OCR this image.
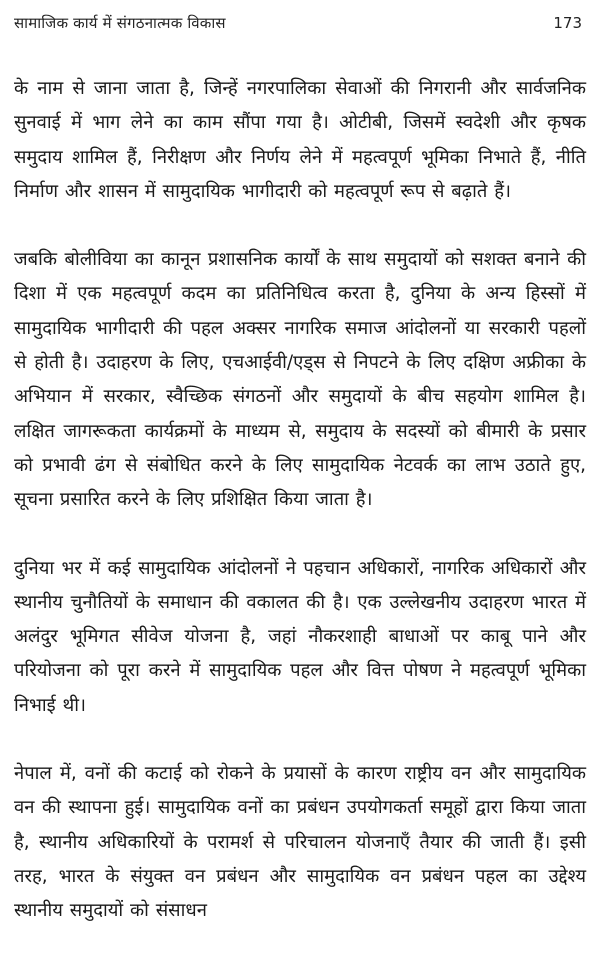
सामाजिक कार्य में संगठनात्मक विकास	173

के नाम से जाना जाता है, जिन्हें नगरपालिका सेवाओं की निगरानी और सार्वजनिक सुनवाई में भाग लेने का काम सौंपा गया है। ओटीबी, जिसमें स्वदेशी और कृषक समुदाय शामिल हैं, निरीक्षण और निर्णय लेने में महत्वपूर्ण भूमिका निभाते हैं, नीति निर्माण और शासन में सामुदायिक भागीदारी को महत्वपूर्ण रूप से बढ़ाते हैं।

जबकि बोलीविया का कानून प्रशासनिक कार्यों के साथ समुदायों को सशक्त बनाने की दिशा में एक महत्वपूर्ण कदम का प्रतिनिधित्व करता है, दुनिया के अन्य हिस्सों में सामुदायिक भागीदारी की पहल अक्सर नागरिक समाज आंदोलनों या सरकारी पहलों से होती है। उदाहरण के लिए, एचआईवी/एड्स से निपटने के लिए दक्षिण अफ्रीका के अभियान में सरकार, स्वैच्छिक संगठनों और समुदायों के बीच सहयोग शामिल है। लक्षित जागरूकता कार्यक्रमों के माध्यम से, समुदाय के सदस्यों को बीमारी के प्रसार को प्रभावी ढंग से संबोधित करने के लिए सामुदायिक नेटवर्क का लाभ उठाते हुए, सूचना प्रसारित करने के लिए प्रशिक्षित किया जाता है।

दुनिया भर में कई सामुदायिक आंदोलनों ने पहचान अधिकारों, नागरिक अधिकारों और स्थानीय चुनौतियों के समाधान की वकालत की है। एक उल्लेखनीय उदाहरण भारत में अलंदुर भूमिगत सीवेज योजना है, जहां नौकरशाही बाधाओं पर काबू पाने और परियोजना को पूरा करने में सामुदायिक पहल और वित्त पोषण ने महत्वपूर्ण भूमिका निभाई थी।

नेपाल में, वनों की कटाई को रोकने के प्रयासों के कारण राष्ट्रीय वन और सामुदायिक वन की स्थापना हुई। सामुदायिक वनों का प्रबंधन उपयोगकर्ता समूहों द्वारा किया जाता है, स्थानीय अधिकारियों के परामर्श से परिचालन योजनाएँ तैयार की जाती हैं। इसी तरह, भारत के संयुक्त वन प्रबंधन और सामुदायिक वन प्रबंधन पहल का उद्देश्य स्थानीय समुदायों को संसाधन
